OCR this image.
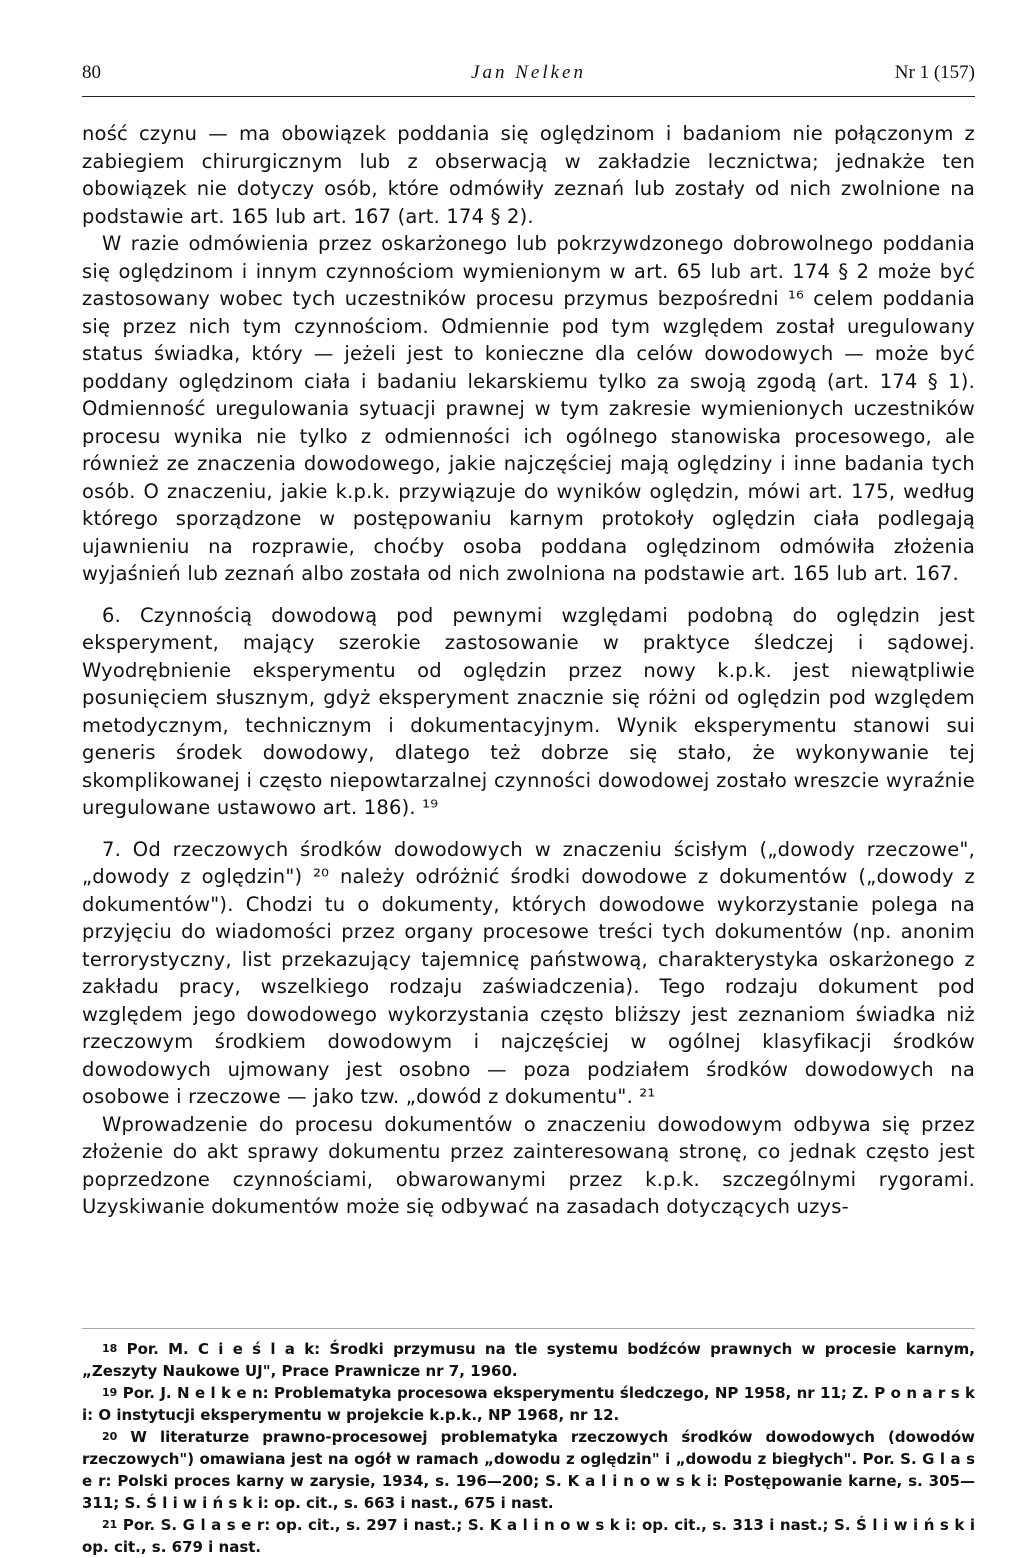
80	Jan Nelken	Nr 1 (157)

ność czynu — ma obowiązek poddania się oględzinom i badaniom nie połączonym z zabiegiem chirurgicznym lub z obserwacją w zakładzie lecznictwa; jednakże ten obowiązek nie dotyczy osób, które odmówiły zeznań lub zostały od nich zwolnione na podstawie art. 165 lub art. 167 (art. 174 § 2).

W razie odmówienia przez oskarżonego lub pokrzywdzonego dobrowolnego poddania się oględzinom i innym czynnościom wymienionym w art. 65 lub art. 174 § 2 może być zastosowany wobec tych uczestników procesu przymus bezpośredni ¹⁶ celem poddania się przez nich tym czynnościom. Odmiennie pod tym względem został uregulowany status świadka, który — jeżeli jest to konieczne dla celów dowodowych — może być poddany oględzinom ciała i badaniu lekarskiemu tylko za swoją zgodą (art. 174 § 1). Odmienność uregulowania sytuacji prawnej w tym zakresie wymienionych uczestników procesu wynika nie tylko z odmienności ich ogólnego stanowiska procesowego, ale również ze znaczenia dowodowego, jakie najczęściej mają oględziny i inne badania tych osób. O znaczeniu, jakie k.p.k. przywiązuje do wyników oględzin, mówi art. 175, według którego sporządzone w postępowaniu karnym protokoły oględzin ciała podlegają ujawnieniu na rozprawie, choćby osoba poddana oględzinom odmówiła złożenia wyjaśnień lub zeznań albo została od nich zwolniona na podstawie art. 165 lub art. 167.

6. Czynnością dowodową pod pewnymi względami podobną do oględzin jest eksperyment, mający szerokie zastosowanie w praktyce śledczej i sądowej. Wyodrębnienie eksperymentu od oględzin przez nowy k.p.k. jest niewątpliwie posunięciem słusznym, gdyż eksperyment znacznie się różni od oględzin pod względem metodycznym, technicznym i dokumentacyjnym. Wynik eksperymentu stanowi sui generis środek dowodowy, dlatego też dobrze się stało, że wykonywanie tej skomplikowanej i często niepowtarzalnej czynności dowodowej zostało wreszcie wyraźnie uregulowane ustawowo art. 186). ¹⁹

7. Od rzeczowych środków dowodowych w znaczeniu ścisłym („dowody rzeczowe", „dowody z oględzin") ²⁰ należy odróżnić środki dowodowe z dokumentów („dowody z dokumentów"). Chodzi tu o dokumenty, których dowodowe wykorzystanie polega na przyjęciu do wiadomości przez organy procesowe treści tych dokumentów (np. anonim terrorystyczny, list przekazujący tajemnicę państwową, charakterystyka oskarżonego z zakładu pracy, wszelkiego rodzaju zaświadczenia). Tego rodzaju dokument pod względem jego dowodowego wykorzystania często bliższy jest zeznaniom świadka niż rzeczowym środkiem dowodowym i najczęściej w ogólnej klasyfikacji środków dowodowych ujmowany jest osobno — poza podziałem środków dowodowych na osobowe i rzeczowe — jako tzw. „dowód z dokumentu". ²¹

Wprowadzenie do procesu dokumentów o znaczeniu dowodowym odbywa się przez złożenie do akt sprawy dokumentu przez zainteresowaną stronę, co jednak często jest poprzedzone czynnościami, obwarowanymi przez k.p.k. szczególnymi rygorami. Uzyskiwanie dokumentów może się odbywać na zasadach dotyczących uzys-

$^{18}$ Por. M. C i e ś l a k: Środki przymusu na tle systemu bodźców prawnych w procesie karnym, „Zeszyty Naukowe UJ", Prace Prawnicze nr 7, 1960.

$^{19}$ Por. J. N e l k e n: Problematyka procesowa eksperymentu śledczego, NP 1958, nr 11; Z. P o n a r s k i: O instytucji eksperymentu w projekcie k.p.k., NP 1968, nr 12.

$^{20}$ W literaturze prawno-procesowej problematyka rzeczowych środków dowodowych (dowodów rzeczowych") omawiana jest na ogół w ramach „dowodu z oględzin" i „dowodu z biegłych". Por. S. G l a s e r: Polski proces karny w zarysie, 1934, s. 196—200; S. K a l i n o w s k i: Postępowanie karne, s. 305—311; S. Ś l i w i ń s k i: op. cit., s. 663 i nast., 675 i nast.

$^{21}$ Por. S. G l a s e r: op. cit., s. 297 i nast.; S. K a l i n o w s k i: op. cit., s. 313 i nast.; S. Ś l i w i ń s k i op. cit., s. 679 i nast.
